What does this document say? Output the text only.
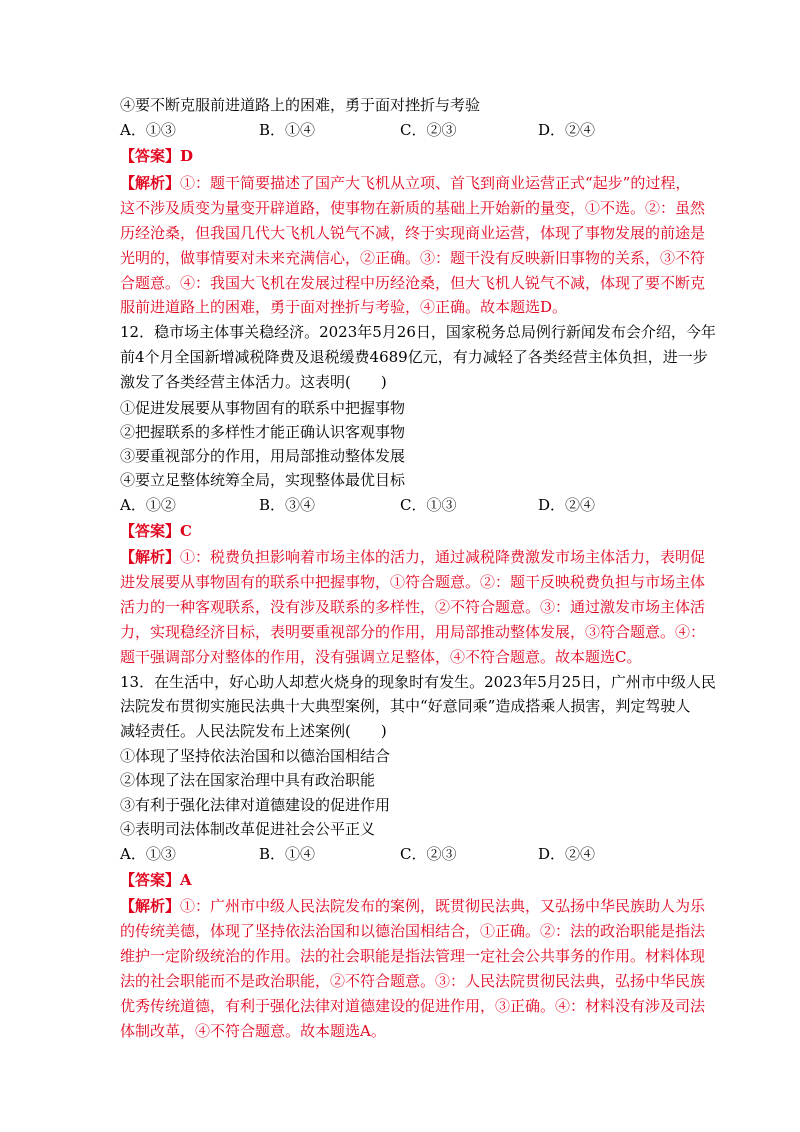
④要不断克服前进道路上的困难，勇于面对挫折与考验
A．①③	B．①④	C．②③	D．②④
【答案】D
【解析】①：题干简要描述了国产大飞机从立项、首飞到商业运营正式“起步”的过程，
这不涉及质变为量变开辟道路，使事物在新质的基础上开始新的量变，①不选。②：虽然
历经沧桑，但我国几代大飞机人锐气不减，终于实现商业运营，体现了事物发展的前途是
光明的，做事情要对未来充满信心，②正确。③：题干没有反映新旧事物的关系，③不符
合题意。④：我国大飞机在发展过程中历经沧桑，但大飞机人锐气不减，体现了要不断克
服前进道路上的困难，勇于面对挫折与考验，④正确。故本题选D。
12．稳市场主体事关稳经济。2023年5月26日，国家税务总局例行新闻发布会介绍，今年
前4个月全国新增减税降费及退税缓费4689亿元，有力减轻了各类经营主体负担，进一步
激发了各类经营主体活力。这表明(　　)
①促进发展要从事物固有的联系中把握事物
②把握联系的多样性才能正确认识客观事物
③要重视部分的作用，用局部推动整体发展
④要立足整体统筹全局，实现整体最优目标
A．①②	B．③④	C．①③	D．②④
【答案】C
【解析】①：税费负担影响着市场主体的活力，通过减税降费激发市场主体活力，表明促
进发展要从事物固有的联系中把握事物，①符合题意。②：题干反映税费负担与市场主体
活力的一种客观联系，没有涉及联系的多样性，②不符合题意。③：通过激发市场主体活
力，实现稳经济目标，表明要重视部分的作用，用局部推动整体发展，③符合题意。④：
题干强调部分对整体的作用，没有强调立足整体，④不符合题意。故本题选C。
13．在生活中，好心助人却惹火烧身的现象时有发生。2023年5月25日，广州市中级人民
法院发布贯彻实施民法典十大典型案例，其中“好意同乘”造成搭乘人损害，判定驾驶人
减轻责任。人民法院发布上述案例(　　)
①体现了坚持依法治国和以德治国相结合
②体现了法在国家治理中具有政治职能
③有利于强化法律对道德建设的促进作用
④表明司法体制改革促进社会公平正义
A．①③	B．①④	C．②③	D．②④
【答案】A
【解析】①：广州市中级人民法院发布的案例，既贯彻民法典，又弘扬中华民族助人为乐
的传统美德，体现了坚持依法治国和以德治国相结合，①正确。②：法的政治职能是指法
维护一定阶级统治的作用。法的社会职能是指法管理一定社会公共事务的作用。材料体现
法的社会职能而不是政治职能，②不符合题意。③：人民法院贯彻民法典，弘扬中华民族
优秀传统道德，有利于强化法律对道德建设的促进作用，③正确。④：材料没有涉及司法
体制改革，④不符合题意。故本题选A。
